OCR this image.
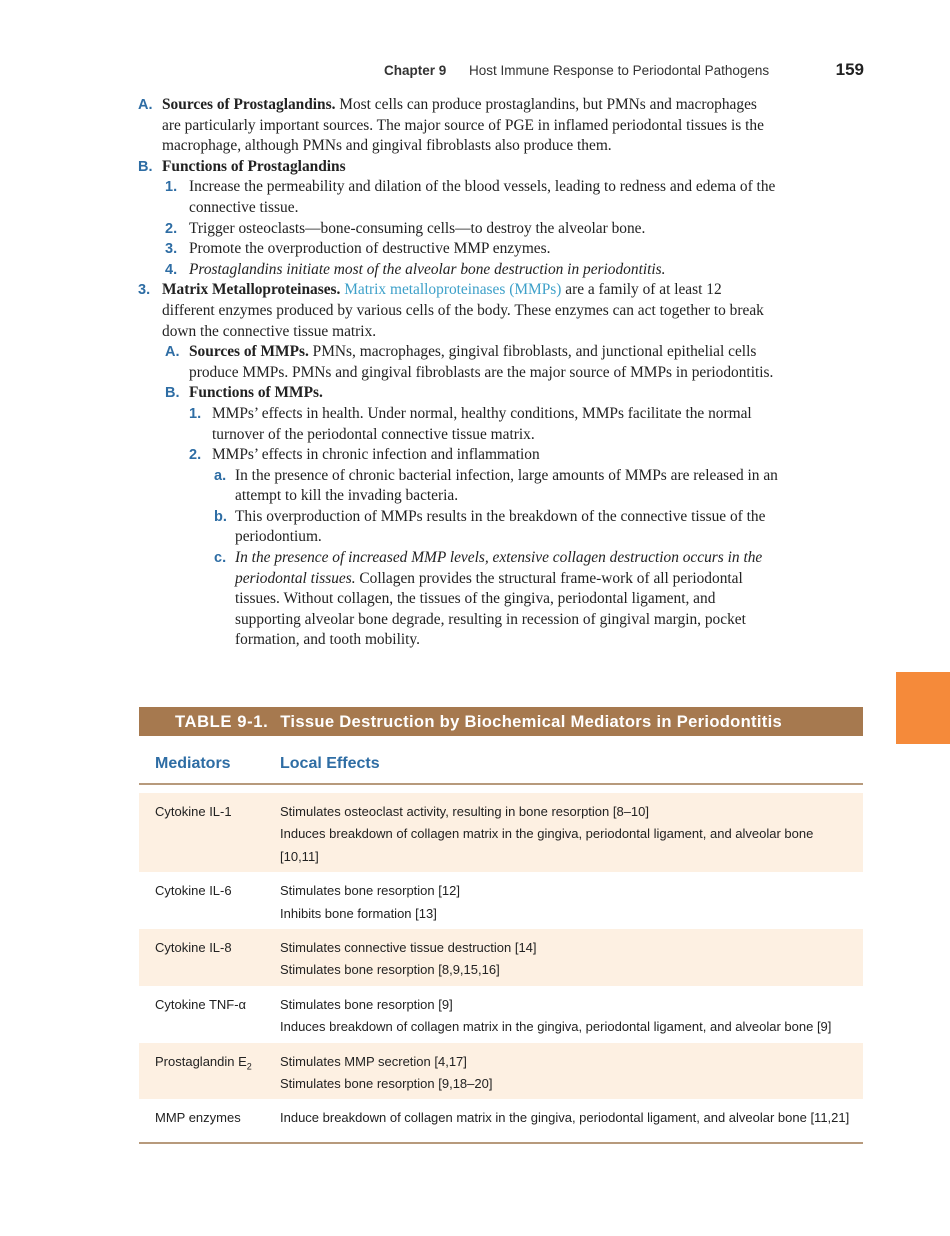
Chapter 9 Host Immune Response to Periodontal Pathogens	159
A. Sources of Prostaglandins. Most cells can produce prostaglandins, but PMNs and macrophages are particularly important sources. The major source of PGE in inflamed periodontal tissues is the macrophage, although PMNs and gingival fibroblasts also produce them.
B. Functions of Prostaglandins
1. Increase the permeability and dilation of the blood vessels, leading to redness and edema of the connective tissue.
2. Trigger osteoclasts—bone-consuming cells—to destroy the alveolar bone.
3. Promote the overproduction of destructive MMP enzymes.
4. Prostaglandins initiate most of the alveolar bone destruction in periodontitis.
3. Matrix Metalloproteinases. Matrix metalloproteinases (MMPs) are a family of at least 12 different enzymes produced by various cells of the body. These enzymes can act together to break down the connective tissue matrix.
A. Sources of MMPs. PMNs, macrophages, gingival fibroblasts, and junctional epithelial cells produce MMPs. PMNs and gingival fibroblasts are the major source of MMPs in periodontitis.
B. Functions of MMPs.
1. MMPs’ effects in health. Under normal, healthy conditions, MMPs facilitate the normal turnover of the periodontal connective tissue matrix.
2. MMPs’ effects in chronic infection and inflammation
a. In the presence of chronic bacterial infection, large amounts of MMPs are released in an attempt to kill the invading bacteria.
b. This overproduction of MMPs results in the breakdown of the connective tissue of the periodontium.
c. In the presence of increased MMP levels, extensive collagen destruction occurs in the periodontal tissues. Collagen provides the structural frame-work of all periodontal tissues. Without collagen, the tissues of the gingiva, periodontal ligament, and supporting alveolar bone degrade, resulting in recession of gingival margin, pocket formation, and tooth mobility.
TABLE 9-1. Tissue Destruction by Biochemical Mediators in Periodontitis
Mediators	Local Effects
Cytokine IL-1	Stimulates osteoclast activity, resulting in bone resorption [8–10]
Induces breakdown of collagen matrix in the gingiva, periodontal ligament, and alveolar bone [10,11]
Cytokine IL-6	Stimulates bone resorption [12]
Inhibits bone formation [13]
Cytokine IL-8	Stimulates connective tissue destruction [14]
Stimulates bone resorption [8,9,15,16]
Cytokine TNF-α	Stimulates bone resorption [9]
Induces breakdown of collagen matrix in the gingiva, periodontal ligament, and alveolar bone [9]
Prostaglandin $E_2$ Stimulates MMP secretion [4,17]
Stimulates bone resorption [9,18–20]
MMP enzymes	Induce breakdown of collagen matrix in the gingiva, periodontal ligament, and alveolar bone [11,21]
